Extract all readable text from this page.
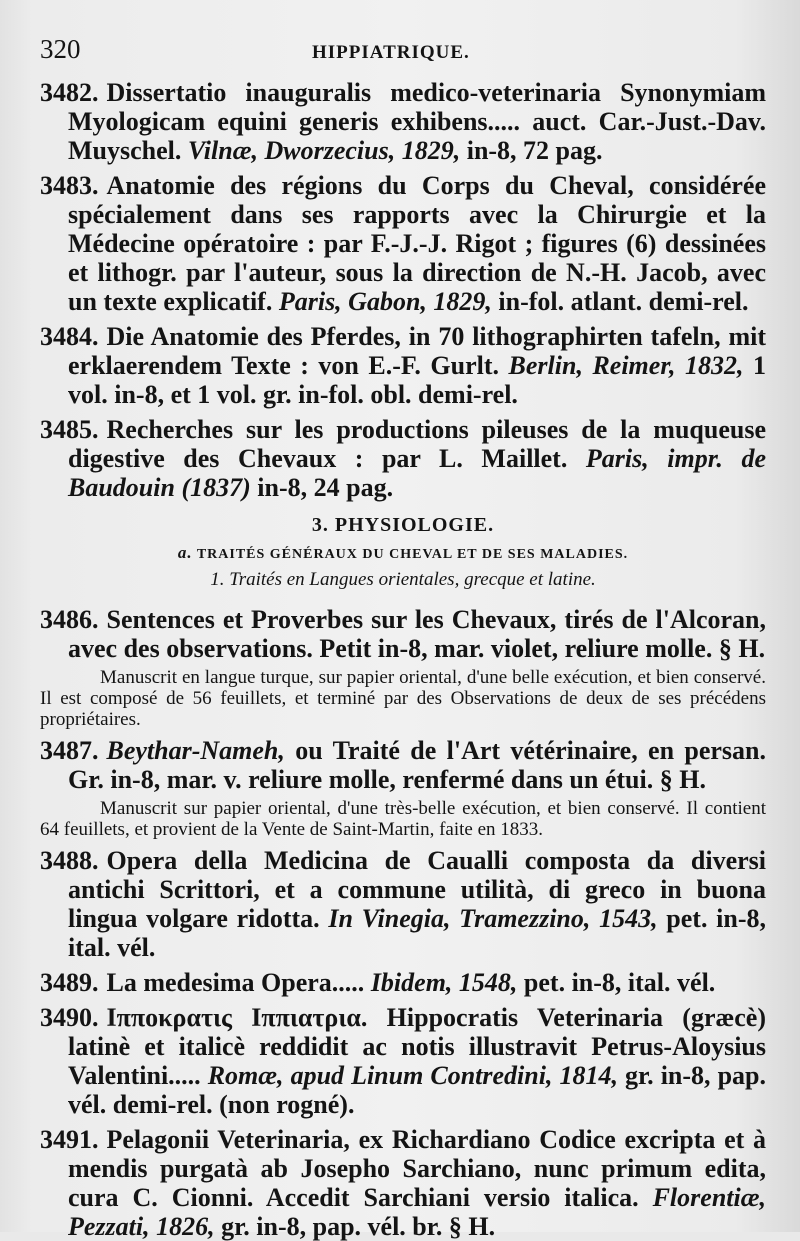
320	HIPPIATRIQUE.

3482. Dissertatio inauguralis medico-veterinaria Synonymiam Myologicam equini generis exhibens..... auct. Car.-Just.-Dav. Muyschel. Vilnæ, Dworzecius, 1829, in-8, 72 pag.

3483. Anatomie des régions du Corps du Cheval, considérée spécialement dans ses rapports avec la Chirurgie et la Médecine opératoire : par F.-J.-J. Rigot ; figures (6) dessinées et lithogr. par l'auteur, sous la direction de N.-H. Jacob, avec un texte explicatif. Paris, Gabon, 1829, in-fol. atlant. demi-rel.

3484. Die Anatomie des Pferdes, in 70 lithographirten tafeln, mit erklaerendem Texte : von E.-F. Gurlt. Berlin, Reimer, 1832, 1 vol. in-8, et 1 vol. gr. in-fol. obl. demi-rel.

3485. Recherches sur les productions pileuses de la muqueuse digestive des Chevaux : par L. Maillet. Paris, impr. de Baudouin (1837) in-8, 24 pag.

3. PHYSIOLOGIE.
a. TRAITÉS GÉNÉRAUX DU CHEVAL ET DE SES MALADIES.
1. Traités en Langues orientales, grecque et latine.

3486. Sentences et Proverbes sur les Chevaux, tirés de l'Alcoran, avec des observations. Petit in-8, mar. violet, reliure molle. § H.

Manuscrit en langue turque, sur papier oriental, d'une belle exécution, et bien conservé. Il est composé de 56 feuillets, et terminé par des Observations de deux de ses précédens propriétaires.

3487. Beythar-Nameh, ou Traité de l'Art vétérinaire, en persan. Gr. in-8, mar. v. reliure molle, renfermé dans un étui. § H.

Manuscrit sur papier oriental, d'une très-belle exécution, et bien conservé. Il contient 64 feuillets, et provient de la Vente de Saint-Martin, faite en 1833.

3488. Opera della Medicina de Caualli composta da diversi antichi Scrittori, et a commune utilità, di greco in buona lingua volgare ridotta. In Vinegia, Tramezzino, 1543, pet. in-8, ital. vél.

3489. La medesima Opera..... Ibidem, 1548, pet. in-8, ital. vél.

3490. Ιπποκρατις Ιππιατρια. Hippocratis Veterinaria (græcè) latinè et italicè reddidit ac notis illustravit Petrus-Aloysius Valentini..... Romæ, apud Linum Contredini, 1814, gr. in-8, pap. vél. demi-rel. (non rogné).

3491. Pelagonii Veterinaria, ex Richardiano Codice excripta et à mendis purgatà ab Josepho Sarchiano, nunc primum edita, cura C. Cionni. Accedit Sarchiani versio italica. Florentiæ, Pezzati, 1826, gr. in-8, pap. vél. br. § H.
